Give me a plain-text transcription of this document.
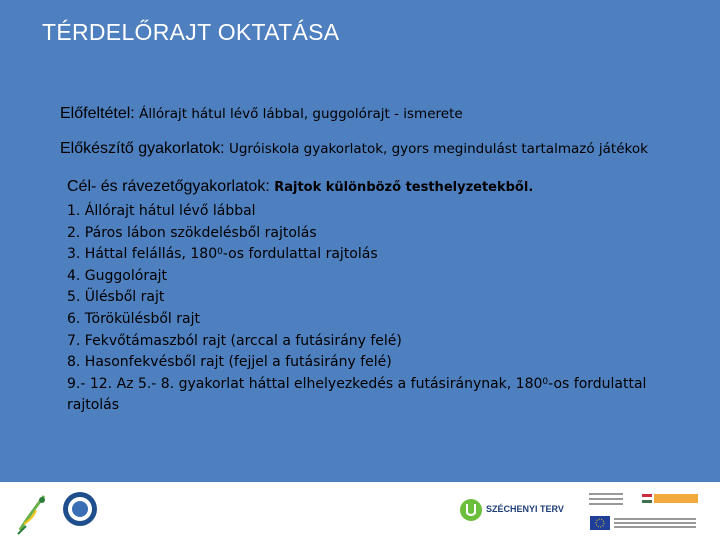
TÉRDELŐRAJT OKTATÁSA
Előfeltétel: Állórajt hátul lévő lábbal, guggolórajt - ismerete
Előkészítő gyakorlatok: Ugróiskola gyakorlatok, gyors megindulást tartalmazó játékok
Cél- és rávezetőgyakorlatok: Rajtok különböző testhelyzetekből.
1. Állórajt hátul lévő lábbal
2. Páros lábon szökdelésből rajtolás
3. Háttal felállás, $180^0-os$ fordulattal rajtolás
4. Guggolórajt
5. Ülésből rajt
6. Törökülésből rajt
7. Fekvőtámaszból rajt (arccal a futásirány felé)
8. Hasonfekvésből rajt (fejjel a futásirány felé)
9.- 12. Az 5.- 8. gyakorlat háttal elhelyezkedés a futásiránynak, $180^0-os$ fordulattal rajtolás
SZÉCHENYI TERV
